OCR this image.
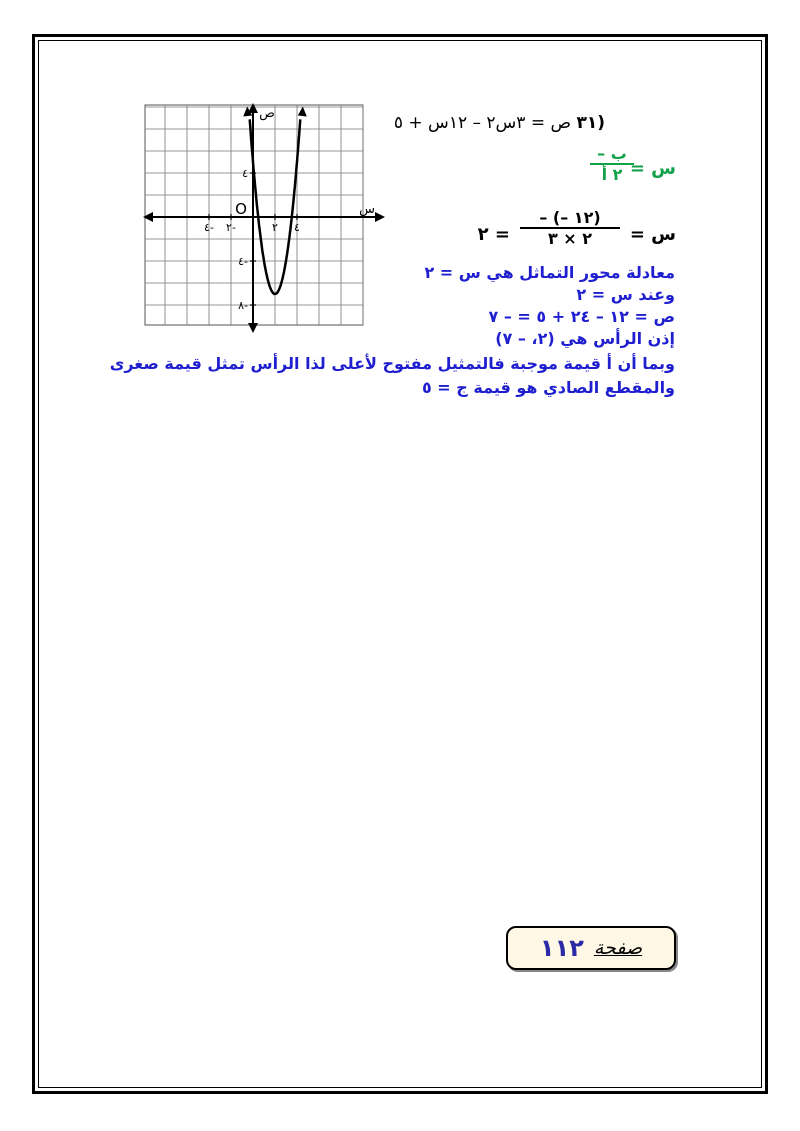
٤- ٢-	٢ ٤
٤
٤-
٨-
O
ص
س
(٣١ ص = ٣س٢ – ١٢س + ٥
س =
– ب
٢ أ
س =
– (– ١٢)
٢ × ٣
= ٢
معادلة محور التماثل هي س = ٢
وعند س = ٢
ص = ١٢ – ٢٤ + ٥ = – ٧
إذن الرأس هي (٢، – ٧)
وبما أن أ قيمة موجبة فالتمثيل مفتوح لأعلى لذا الرأس تمثل قيمة صغرى
والمقطع الصادي هو قيمة ج = ٥
صفحة
١١٢
